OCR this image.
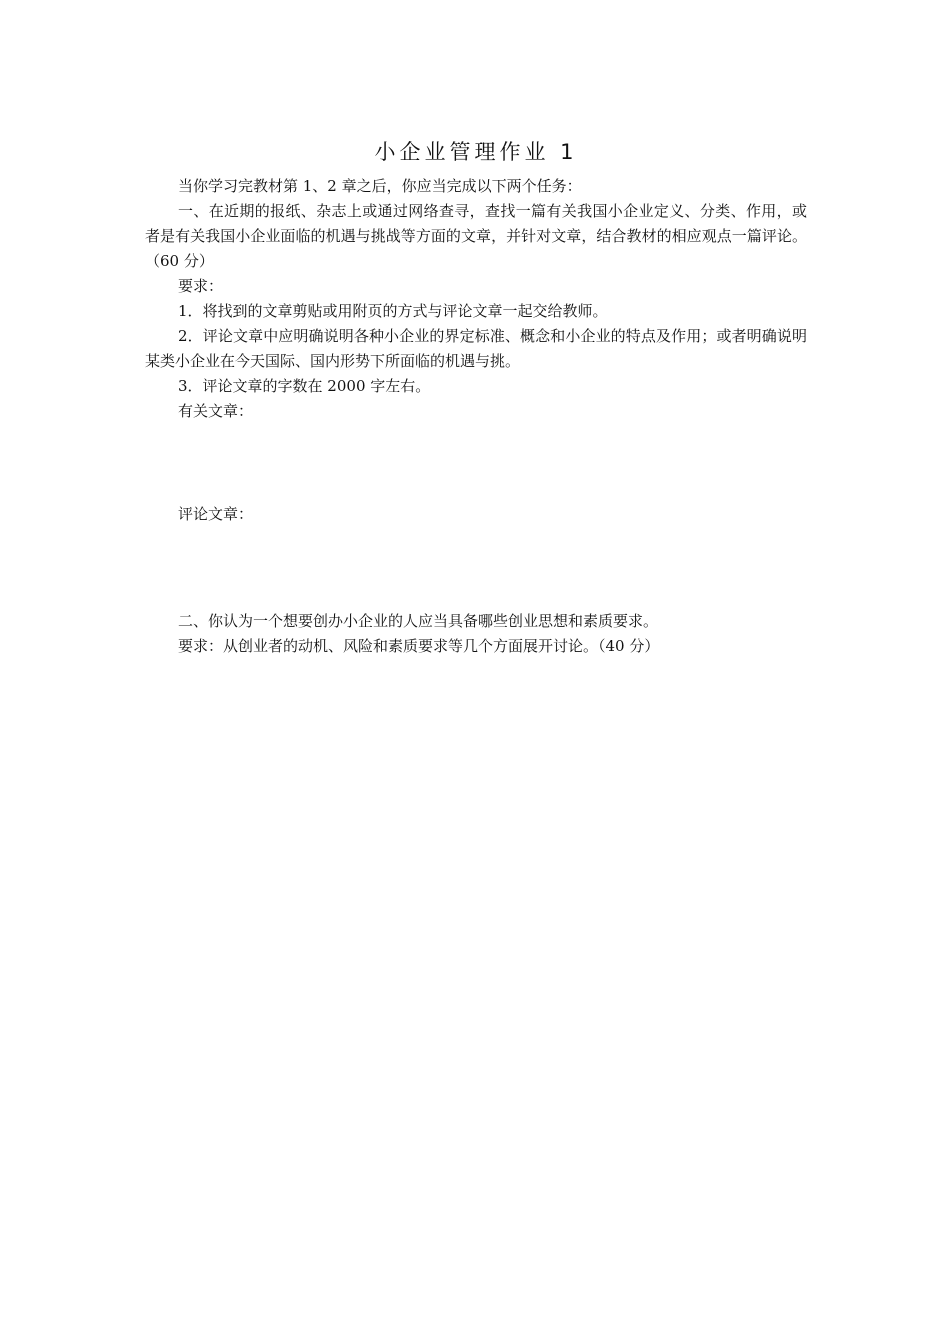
小企业管理作业 1

当你学习完教材第 1、2 章之后，你应当完成以下两个任务：

一、在近期的报纸、杂志上或通过网络查寻，查找一篇有关我国小企业定义、分类、作用，或者是有关我国小企业面临的机遇与挑战等方面的文章，并针对文章，结合教材的相应观点一篇评论。（60 分）

要求：

1．将找到的文章剪贴或用附页的方式与评论文章一起交给教师。

2．评论文章中应明确说明各种小企业的界定标准、概念和小企业的特点及作用；或者明确说明某类小企业在今天国际、国内形势下所面临的机遇与挑。

3．评论文章的字数在 2000 字左右。

有关文章：

评论文章：

二、你认为一个想要创办小企业的人应当具备哪些创业思想和素质要求。

要求：从创业者的动机、风险和素质要求等几个方面展开讨论。（40 分）
